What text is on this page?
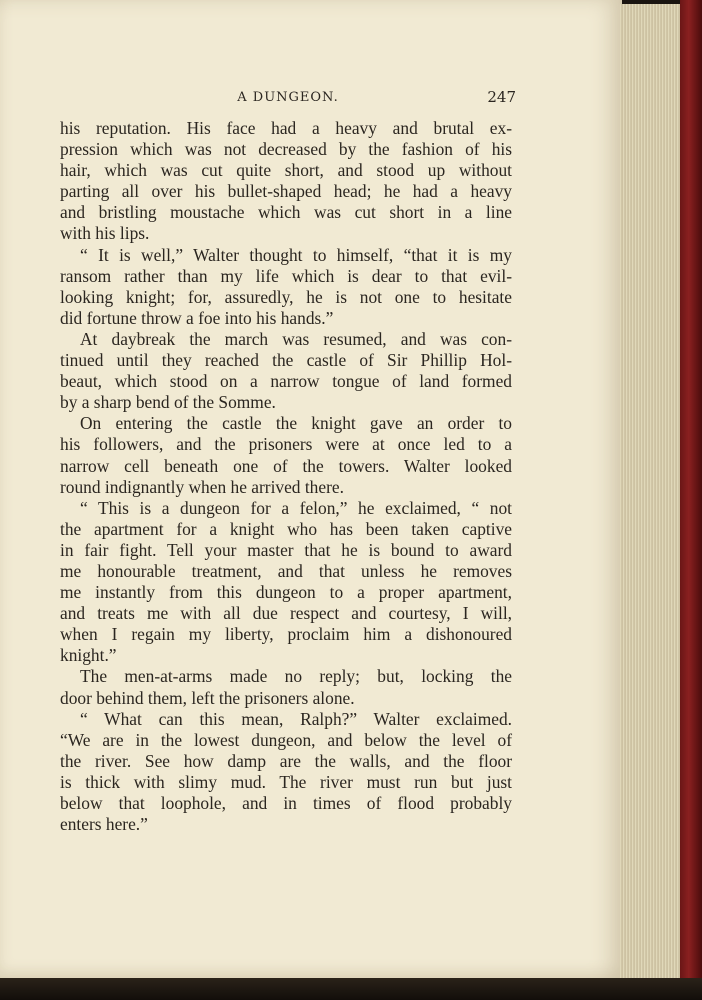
A DUNGEON.	247
his reputation. His face had a heavy and brutal ex-
pression which was not decreased by the fashion of his
hair, which was cut quite short, and stood up without
parting all over his bullet-shaped head; he had a heavy
and bristling moustache which was cut short in a line
with his lips.
“ It is well,” Walter thought to himself, “that it is my
ransom rather than my life which is dear to that evil-
looking knight; for, assuredly, he is not one to hesitate
did fortune throw a foe into his hands.”
At daybreak the march was resumed, and was con-
tinued until they reached the castle of Sir Phillip Hol-
beaut, which stood on a narrow tongue of land formed
by a sharp bend of the Somme.
On entering the castle the knight gave an order to
his followers, and the prisoners were at once led to a
narrow cell beneath one of the towers. Walter looked
round indignantly when he arrived there.
“ This is a dungeon for a felon,” he exclaimed, “ not
the apartment for a knight who has been taken captive
in fair fight. Tell your master that he is bound to award
me honourable treatment, and that unless he removes
me instantly from this dungeon to a proper apartment,
and treats me with all due respect and courtesy, I will,
when I regain my liberty, proclaim him a dishonoured
knight.”
The men-at-arms made no reply; but, locking the
door behind them, left the prisoners alone.
“ What can this mean, Ralph?” Walter exclaimed.
“We are in the lowest dungeon, and below the level of
the river. See how damp are the walls, and the floor
is thick with slimy mud. The river must run but just
below that loophole, and in times of flood probably
enters here.”
